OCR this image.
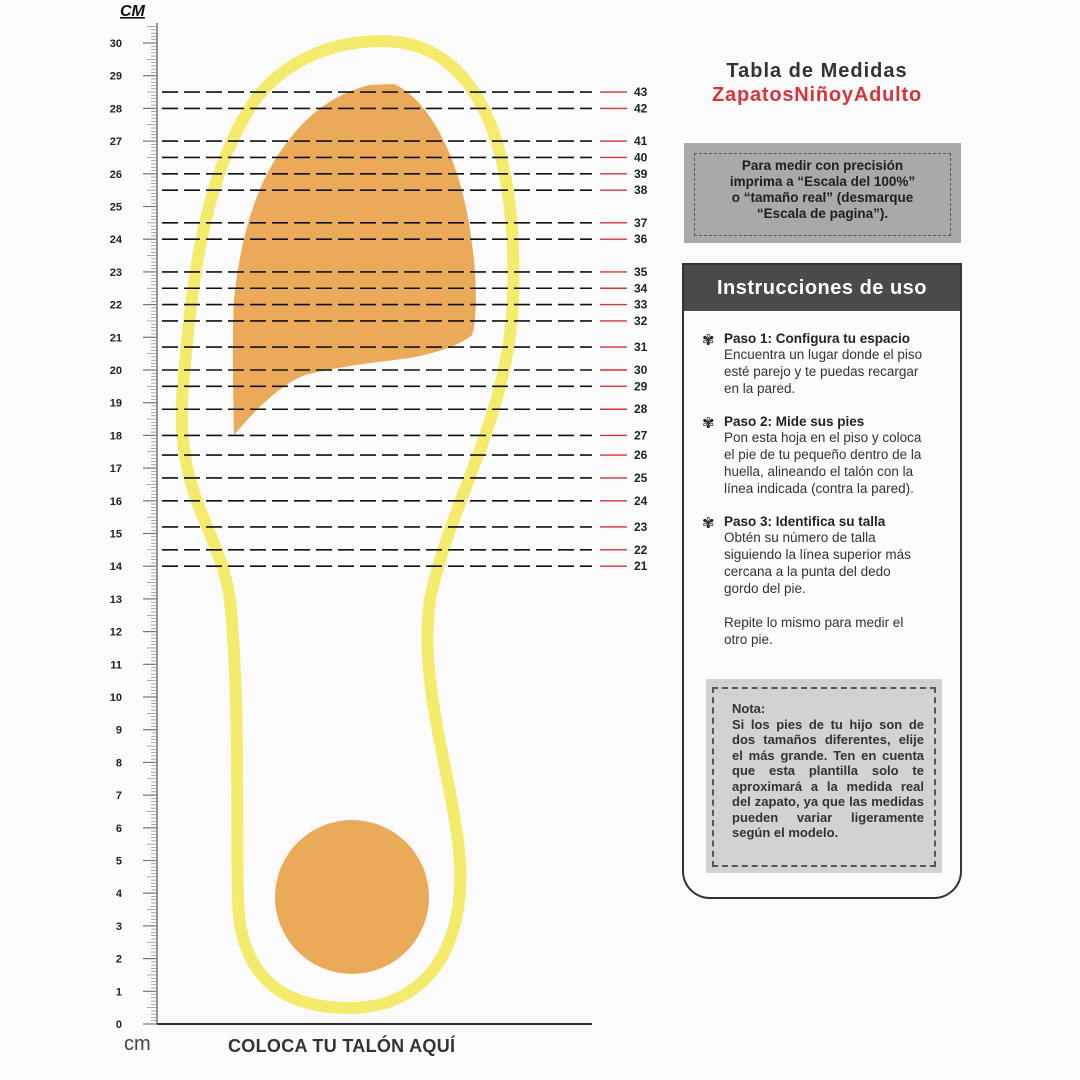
CM
0
1
2
3
4
5
6
7
8
9
10
11
12
13
14
15
16
17
18
19
20
21
22
23
24
25
26
27
28
29
30
43
42
41
40
39
38
37
36
35
34
33
32
31
30
29
28
27
26
25
24
23
22
21
cm	COLOCA TU TALÓN AQUÍ
Tabla de Medidas
ZapatosNiñoyAdulto
Para medir con precisión
imprima a “Escala del 100%”
o “tamaño real” (desmarque
“Escala de pagina”).
Instrucciones de uso
✾ Paso 1: Configura tu espacio
Encuentra un lugar donde el piso
esté parejo y te puedas recargar
en la pared.
✾ Paso 2: Mide sus pies
Pon esta hoja en el piso y coloca
el pie de tu pequeño dentro de la
huella, alineando el talón con la
línea indicada (contra la pared).
✾ Paso 3: Identifica su talla
Obtén su número de talla
siguiendo la línea superior más
cercana a la punta del dedo
gordo del pie.
Repite lo mismo para medir el
otro pie.
Nota:
Si los pies de tu hijo son de dos tamaños diferentes, elije el más grande. Ten en cuenta que esta plantilla solo te aproximará a la medida real del zapato, ya que las medidas pueden variar ligeramente según el modelo.
